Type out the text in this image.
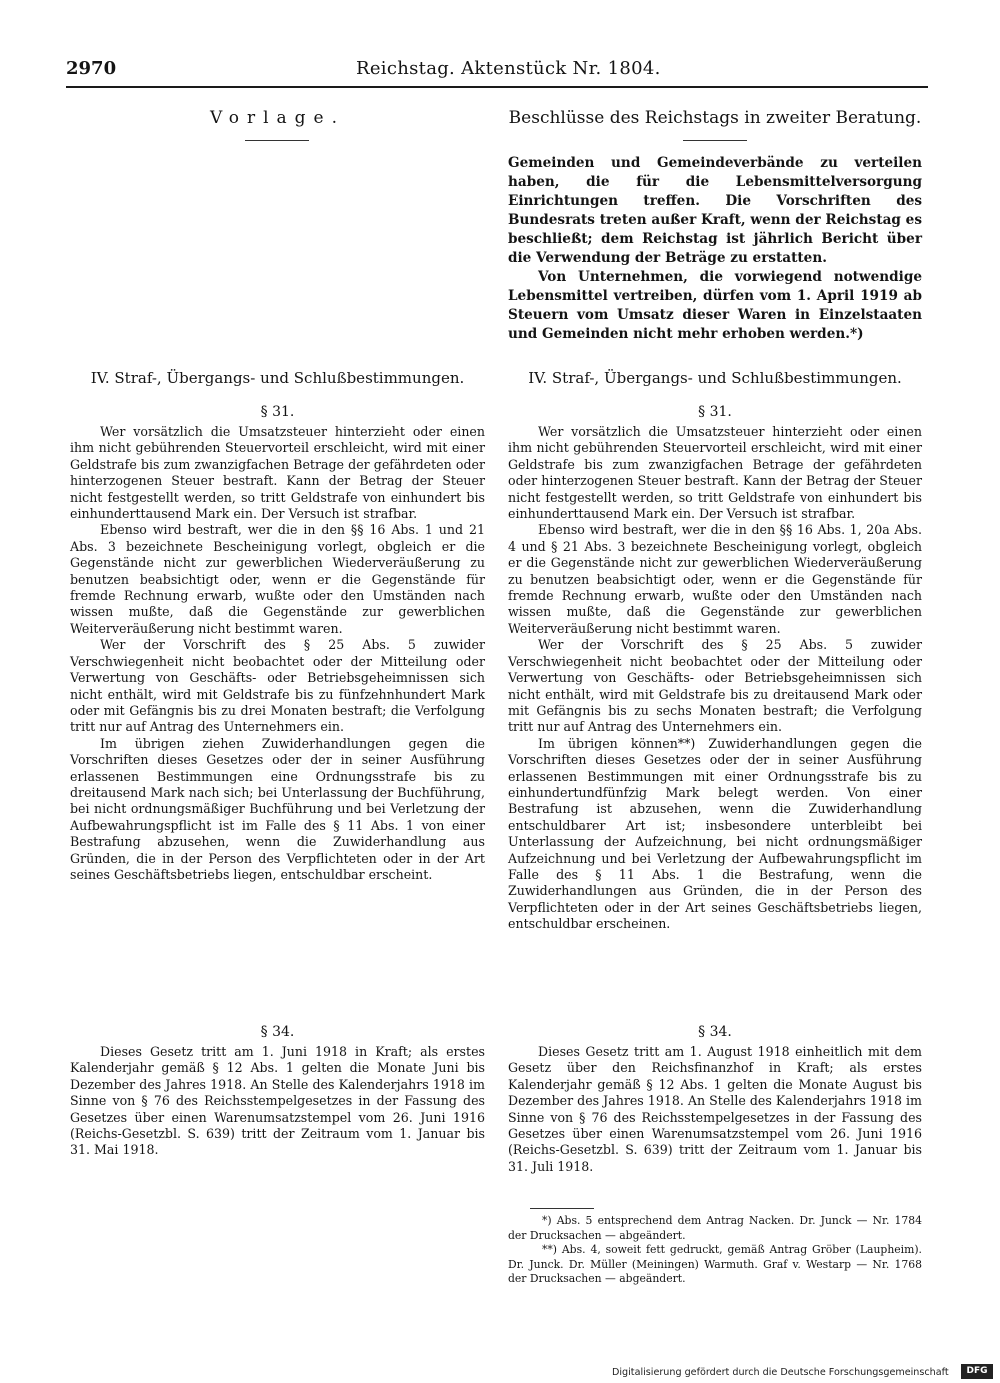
2970	Reichstag. Aktenstück Nr. 1804.
Vorlage.
IV. Straf-, Übergangs- und Schlußbestimmungen.
§ 31.

Wer vorsätzlich die Umsatzsteuer hinterzieht oder einen ihm nicht gebührenden Steuervorteil erschleicht, wird mit einer Geldstrafe bis zum zwanzigfachen Betrage der gefährdeten oder hinterzogenen Steuer bestraft. Kann der Betrag der Steuer nicht festgestellt werden, so tritt Geldstrafe von einhundert bis einhunderttausend Mark ein. Der Versuch ist strafbar.

Ebenso wird bestraft, wer die in den §§ 16 Abs. 1 und 21 Abs. 3 bezeichnete Bescheinigung vorlegt, obgleich er die Gegenstände nicht zur gewerblichen Wiederveräußerung zu benutzen beabsichtigt oder, wenn er die Gegenstände für fremde Rechnung erwarb, wußte oder den Umständen nach wissen mußte, daß die Gegenstände zur gewerblichen Weiterveräußerung nicht bestimmt waren.

Wer der Vorschrift des § 25 Abs. 5 zuwider Verschwiegenheit nicht beobachtet oder der Mitteilung oder Verwertung von Geschäfts- oder Betriebsgeheimnissen sich nicht enthält, wird mit Geldstrafe bis zu fünfzehnhundert Mark oder mit Gefängnis bis zu drei Monaten bestraft; die Verfolgung tritt nur auf Antrag des Unternehmers ein.

Im übrigen ziehen Zuwiderhandlungen gegen die Vorschriften dieses Gesetzes oder der in seiner Ausführung erlassenen Bestimmungen eine Ordnungsstrafe bis zu dreitausend Mark nach sich; bei Unterlassung der Buchführung, bei nicht ordnungsmäßiger Buchführung und bei Verletzung der Aufbewahrungspflicht ist im Falle des § 11 Abs. 1 von einer Bestrafung abzusehen, wenn die Zuwiderhandlung aus Gründen, die in der Person des Verpflichteten oder in der Art seines Geschäftsbetriebs liegen, entschuldbar erscheint.

§ 34.

Dieses Gesetz tritt am 1. Juni 1918 in Kraft; als erstes Kalenderjahr gemäß § 12 Abs. 1 gelten die Monate Juni bis Dezember des Jahres 1918. An Stelle des Kalenderjahrs 1918 im Sinne von § 76 des Reichsstempelgesetzes in der Fassung des Gesetzes über einen Warenumsatzstempel vom 26. Juni 1916 (Reichs-Gesetzbl. S. 639) tritt der Zeitraum vom 1. Januar bis 31. Mai 1918.

Beschlüsse des Reichstags in zweiter Beratung.

Gemeinden und Gemeindeverbände zu verteilen haben, die für die Lebensmittelversorgung Einrichtungen treffen. Die Vorschriften des Bundesrats treten außer Kraft, wenn der Reichstag es beschließt; dem Reichstag ist jährlich Bericht über die Verwendung der Beträge zu erstatten.

Von Unternehmen, die vorwiegend notwendige Lebensmittel vertreiben, dürfen vom 1. April 1919 ab Steuern vom Umsatz dieser Waren in Einzelstaaten und Gemeinden nicht mehr erhoben werden.*)

IV. Straf-, Übergangs- und Schlußbestimmungen.
§ 31.

Wer vorsätzlich die Umsatzsteuer hinterzieht oder einen ihm nicht gebührenden Steuervorteil erschleicht, wird mit einer Geldstrafe bis zum zwanzigfachen Betrage der gefährdeten oder hinterzogenen Steuer bestraft. Kann der Betrag der Steuer nicht festgestellt werden, so tritt Geldstrafe von einhundert bis einhunderttausend Mark ein. Der Versuch ist strafbar.

Ebenso wird bestraft, wer die in den §§ 16 Abs. 1, 20a Abs. 4 und § 21 Abs. 3 bezeichnete Bescheinigung vorlegt, obgleich er die Gegenstände nicht zur gewerblichen Wiederveräußerung zu benutzen beabsichtigt oder, wenn er die Gegenstände für fremde Rechnung erwarb, wußte oder den Umständen nach wissen mußte, daß die Gegenstände zur gewerblichen Weiterveräußerung nicht bestimmt waren.

Wer der Vorschrift des § 25 Abs. 5 zuwider Verschwiegenheit nicht beobachtet oder der Mitteilung oder Verwertung von Geschäfts- oder Betriebsgeheimnissen sich nicht enthält, wird mit Geldstrafe bis zu dreitausend Mark oder mit Gefängnis bis zu sechs Monaten bestraft; die Verfolgung tritt nur auf Antrag des Unternehmers ein.

Im übrigen können**) Zuwiderhandlungen gegen die Vorschriften dieses Gesetzes oder der in seiner Ausführung erlassenen Bestimmungen mit einer Ordnungsstrafe bis zu einhundertundfünfzig Mark belegt werden. Von einer Bestrafung ist abzusehen, wenn die Zuwiderhandlung entschuldbarer Art ist; insbesondere unterbleibt bei Unterlassung der Aufzeichnung, bei nicht ordnungsmäßiger Aufzeichnung und bei Verletzung der Aufbewahrungspflicht im Falle des § 11 Abs. 1 die Bestrafung, wenn die Zuwiderhandlungen aus Gründen, die in der Person des Verpflichteten oder in der Art seines Geschäftsbetriebs liegen, entschuldbar erscheinen.

§ 34.

Dieses Gesetz tritt am 1. August 1918 einheitlich mit dem Gesetz über den Reichsfinanzhof in Kraft; als erstes Kalenderjahr gemäß § 12 Abs. 1 gelten die Monate August bis Dezember des Jahres 1918. An Stelle des Kalenderjahrs 1918 im Sinne von § 76 des Reichsstempelgesetzes in der Fassung des Gesetzes über einen Warenumsatzstempel vom 26. Juni 1916 (Reichs-Gesetzbl. S. 639) tritt der Zeitraum vom 1. Januar bis 31. Juli 1918.

*) Abs. 5 entsprechend dem Antrag Nacken. Dr. Junck — Nr. 1784 der Drucksachen — abgeändert.

**) Abs. 4, soweit fett gedruckt, gemäß Antrag Gröber (Laupheim). Dr. Junck. Dr. Müller (Meiningen) Warmuth. Graf v. Westarp — Nr. 1768 der Drucksachen — abgeändert.

Digitalisierung gefördert durch die Deutsche Forschungsgemeinschaft	DFG
